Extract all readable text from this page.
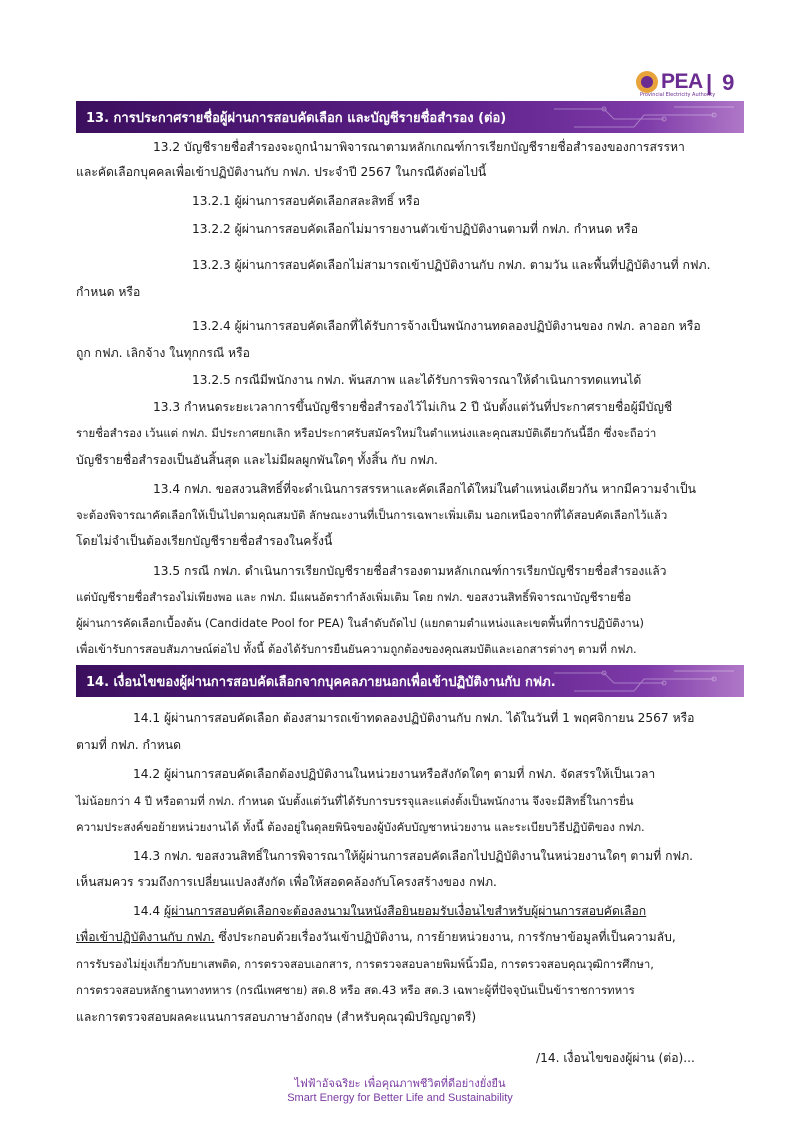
PEA
Provincial Electricity Authority
| 9
13. การประกาศรายชื่อผู้ผ่านการสอบคัดเลือก และบัญชีรายชื่อสำรอง (ต่อ)
13.2 บัญชีรายชื่อสำรองจะถูกนำมาพิจารณาตามหลักเกณฑ์การเรียกบัญชีรายชื่อสำรองของการสรรหา
และคัดเลือกบุคคลเพื่อเข้าปฏิบัติงานกับ กฟภ. ประจำปี 2567 ในกรณีดังต่อไปนี้
13.2.1 ผู้ผ่านการสอบคัดเลือกสละสิทธิ์ หรือ
13.2.2 ผู้ผ่านการสอบคัดเลือกไม่มารายงานตัวเข้าปฏิบัติงานตามที่ กฟภ. กำหนด หรือ
13.2.3 ผู้ผ่านการสอบคัดเลือกไม่สามารถเข้าปฏิบัติงานกับ กฟภ. ตามวัน และพื้นที่ปฏิบัติงานที่ กฟภ.
กำหนด หรือ
13.2.4 ผู้ผ่านการสอบคัดเลือกที่ได้รับการจ้างเป็นพนักงานทดลองปฏิบัติงานของ กฟภ. ลาออก หรือ
ถูก กฟภ. เลิกจ้าง ในทุกกรณี หรือ
13.2.5 กรณีมีพนักงาน กฟภ. พ้นสภาพ และได้รับการพิจารณาให้ดำเนินการทดแทนได้
13.3 กำหนดระยะเวลาการขึ้นบัญชีรายชื่อสำรองไว้ไม่เกิน 2 ปี นับตั้งแต่วันที่ประกาศรายชื่อผู้มีบัญชี
รายชื่อสำรอง เว้นแต่ กฟภ. มีประกาศยกเลิก หรือประกาศรับสมัครใหม่ในตำแหน่งและคุณสมบัติเดียวกันนี้อีก ซึ่งจะถือว่า
บัญชีรายชื่อสำรองเป็นอันสิ้นสุด และไม่มีผลผูกพันใดๆ ทั้งสิ้น กับ กฟภ.
13.4 กฟภ. ขอสงวนสิทธิ์ที่จะดำเนินการสรรหาและคัดเลือกได้ใหม่ในตำแหน่งเดียวกัน หากมีความจำเป็น
จะต้องพิจารณาคัดเลือกให้เป็นไปตามคุณสมบัติ ลักษณะงานที่เป็นการเฉพาะเพิ่มเติม นอกเหนือจากที่ได้สอบคัดเลือกไว้แล้ว
โดยไม่จำเป็นต้องเรียกบัญชีรายชื่อสำรองในครั้งนี้
13.5 กรณี กฟภ. ดำเนินการเรียกบัญชีรายชื่อสำรองตามหลักเกณฑ์การเรียกบัญชีรายชื่อสำรองแล้ว
แต่บัญชีรายชื่อสำรองไม่เพียงพอ และ กฟภ. มีแผนอัตรากำลังเพิ่มเติม โดย กฟภ. ขอสงวนสิทธิ์พิจารณาบัญชีรายชื่อ
ผู้ผ่านการคัดเลือกเบื้องต้น (Candidate Pool for PEA) ในลำดับถัดไป (แยกตามตำแหน่งและเขตพื้นที่การปฏิบัติงาน)
เพื่อเข้ารับการสอบสัมภาษณ์ต่อไป ทั้งนี้ ต้องได้รับการยืนยันความถูกต้องของคุณสมบัติและเอกสารต่างๆ ตามที่ กฟภ.
14. เงื่อนไขของผู้ผ่านการสอบคัดเลือกจากบุคคลภายนอกเพื่อเข้าปฏิบัติงานกับ กฟภ.
14.1 ผู้ผ่านการสอบคัดเลือก ต้องสามารถเข้าทดลองปฏิบัติงานกับ กฟภ. ได้ในวันที่ 1 พฤศจิกายน 2567 หรือ
ตามที่ กฟภ. กำหนด
14.2 ผู้ผ่านการสอบคัดเลือกต้องปฏิบัติงานในหน่วยงานหรือสังกัดใดๆ ตามที่ กฟภ. จัดสรรให้เป็นเวลา
ไม่น้อยกว่า 4 ปี หรือตามที่ กฟภ. กำหนด นับตั้งแต่วันที่ได้รับการบรรจุและแต่งตั้งเป็นพนักงาน จึงจะมีสิทธิ์ในการยื่น
ความประสงค์ขอย้ายหน่วยงานได้ ทั้งนี้ ต้องอยู่ในดุลยพินิจของผู้บังคับบัญชาหน่วยงาน และระเบียบวิธีปฏิบัติของ กฟภ.
14.3 กฟภ. ขอสงวนสิทธิ์ในการพิจารณาให้ผู้ผ่านการสอบคัดเลือกไปปฏิบัติงานในหน่วยงานใดๆ ตามที่ กฟภ.
เห็นสมควร รวมถึงการเปลี่ยนแปลงสังกัด เพื่อให้สอดคล้องกับโครงสร้างของ กฟภ.
14.4 ผู้ผ่านการสอบคัดเลือกจะต้องลงนามในหนังสือยินยอมรับเงื่อนไขสำหรับผู้ผ่านการสอบคัดเลือก
เพื่อเข้าปฏิบัติงานกับ กฟภ. ซึ่งประกอบด้วยเรื่องวันเข้าปฏิบัติงาน, การย้ายหน่วยงาน, การรักษาข้อมูลที่เป็นความลับ,
การรับรองไม่ยุ่งเกี่ยวกับยาเสพติด, การตรวจสอบเอกสาร, การตรวจสอบลายพิมพ์นิ้วมือ, การตรวจสอบคุณวุฒิการศึกษา,
การตรวจสอบหลักฐานทางทหาร (กรณีเพศชาย) สด.8 หรือ สด.43 หรือ สด.3 เฉพาะผู้ที่ปัจจุบันเป็นข้าราชการทหาร
และการตรวจสอบผลคะแนนการสอบภาษาอังกฤษ (สำหรับคุณวุฒิปริญญาตรี)
/14. เงื่อนไขของผู้ผ่าน (ต่อ)...
ไฟฟ้าอัจฉริยะ เพื่อคุณภาพชีวิตที่ดีอย่างยั่งยืน
Smart Energy for Better Life and Sustainability
